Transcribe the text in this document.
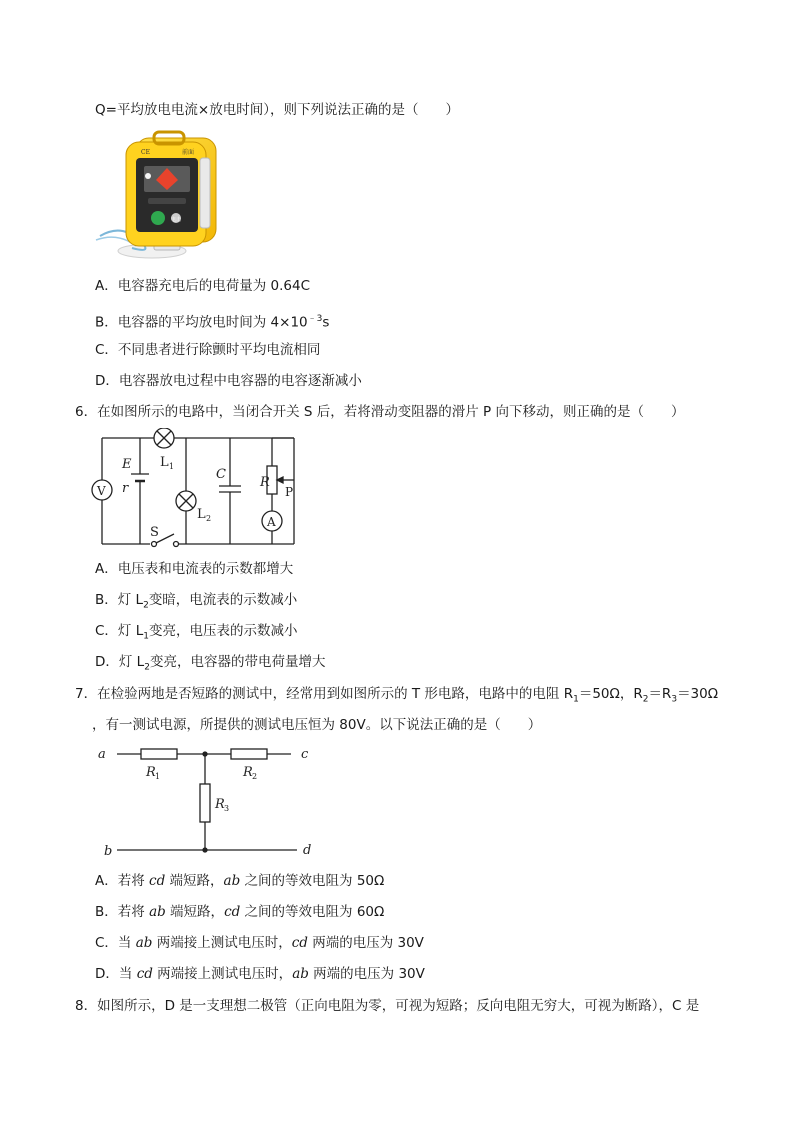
Q=平均放电电流×放电时间），则下列说法正确的是（　　）
CE	前面
电击
A．电容器充电后的电荷量为 0.64C
B．电容器的平均放电时间为 $4\times 10^{﹣3}s$
C．不同患者进行除颤时平均电流相同
D．电容器放电过程中电容器的电容逐渐减小
6．在如图所示的电路中，当闭合开关 S 后，若将滑动变阻器的滑片 P 向下移动，则正确的是（　　）
V
E
r
L 1
L 2
C
A
R
P
S
A．电压表和电流表的示数都增大
B．灯 $L_2$变暗，电流表的示数减小
C．灯 $L_1$变亮，电压表的示数减小
D．灯 $L_2$变亮，电容器的带电荷量增大
7．在检验两地是否短路的测试中，经常用到如图所示的 T 形电路，电路中的电阻 $R_1=50\Omega$，$R_2=R_3=30\Omega$
，有一测试电源，所提供的测试电压恒为 80V。以下说法正确的是（　　）
a	c
b	d
R 1	R 2
R 3
A．若将 cd 端短路，ab 之间的等效电阻为 50Ω
B．若将 ab 端短路，cd 之间的等效电阻为 60Ω
C．当 ab 两端接上测试电压时，cd 两端的电压为 30V
D．当 cd 两端接上测试电压时，ab 两端的电压为 30V
8．如图所示，D 是一支理想二极管（正向电阻为零，可视为短路；反向电阻无穷大，可视为断路），C 是
